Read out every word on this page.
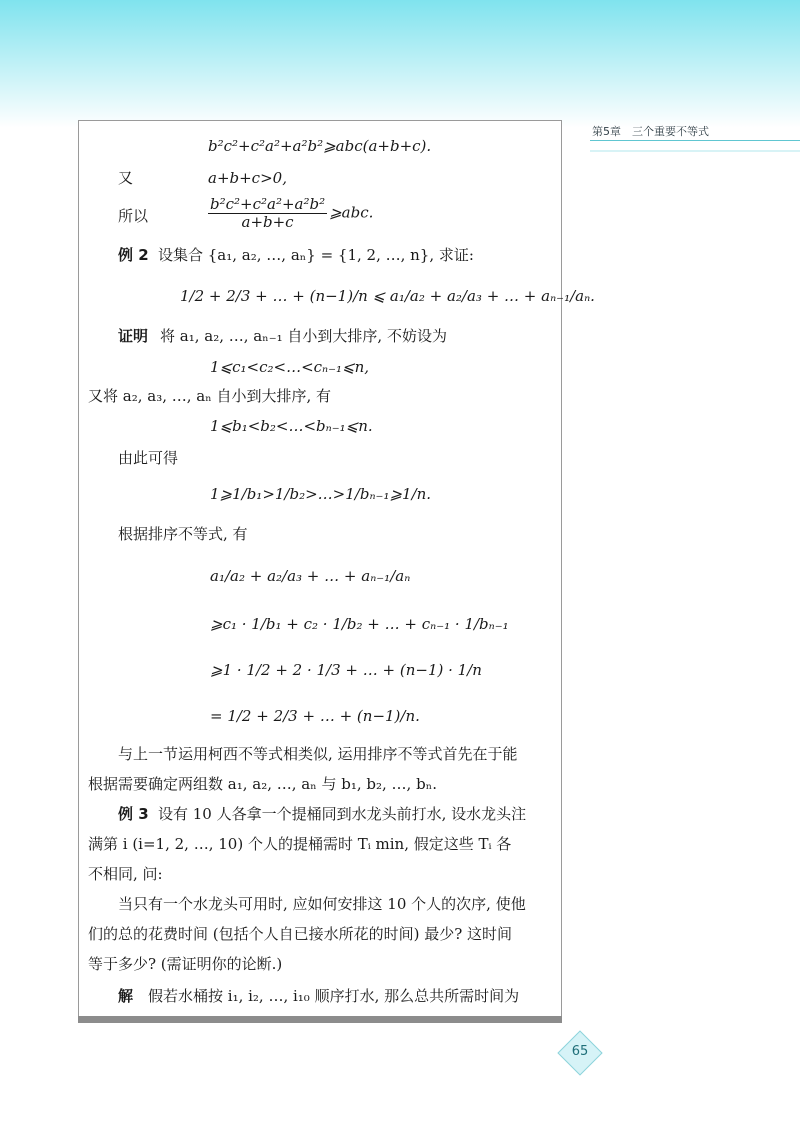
第5章　三个重要不等式
b²c²+c²a²+a²b²⩾abc(a+b+c).
又	a+b+c>0,
所以	$\frac{\text{b²c²+c²a²+a²b²}}{a+b+c}$ ⩾abc.
例 2 设集合 {a₁, a₂, …, aₙ} = {1, 2, …, n}, 求证:
1/2 + 2/3 + … + (n−1)/n ⩽ a₁/a₂ + a₂/a₃ + … + aₙ₋₁/aₙ.
证明 将 a₁, a₂, …, aₙ₋₁ 自小到大排序, 不妨设为
1⩽c₁<c₂<…<cₙ₋₁⩽n,
又将 a₂, a₃, …, aₙ 自小到大排序, 有
1⩽b₁<b₂<…<bₙ₋₁⩽n.
由此可得
1⩾1/b₁>1/b₂>…>1/bₙ₋₁⩾1/n.
根据排序不等式, 有
a₁/a₂ + a₂/a₃ + … + aₙ₋₁/aₙ
⩾c₁ · 1/b₁ + c₂ · 1/b₂ + … + cₙ₋₁ · 1/bₙ₋₁
⩾1 · 1/2 + 2 · 1/3 + … + (n−1) · 1/n
= 1/2 + 2/3 + … + (n−1)/n.
与上一节运用柯西不等式相类似, 运用排序不等式首先在于能
根据需要确定两组数 a₁, a₂, …, aₙ 与 b₁, b₂, …, bₙ.
例 3 设有 10 人各拿一个提桶同到水龙头前打水, 设水龙头注
满第 i (i=1, 2, …, 10) 个人的提桶需时 Tᵢ min, 假定这些 Tᵢ 各
不相同, 问:
当只有一个水龙头可用时, 应如何安排这 10 个人的次序, 使他
们的总的花费时间 (包括个人自已接水所花的时间) 最少? 这时间
等于多少? (需证明你的论断.)
解 假若水桶按 i₁, i₂, …, i₁₀ 顺序打水, 那么总共所需时间为
65
